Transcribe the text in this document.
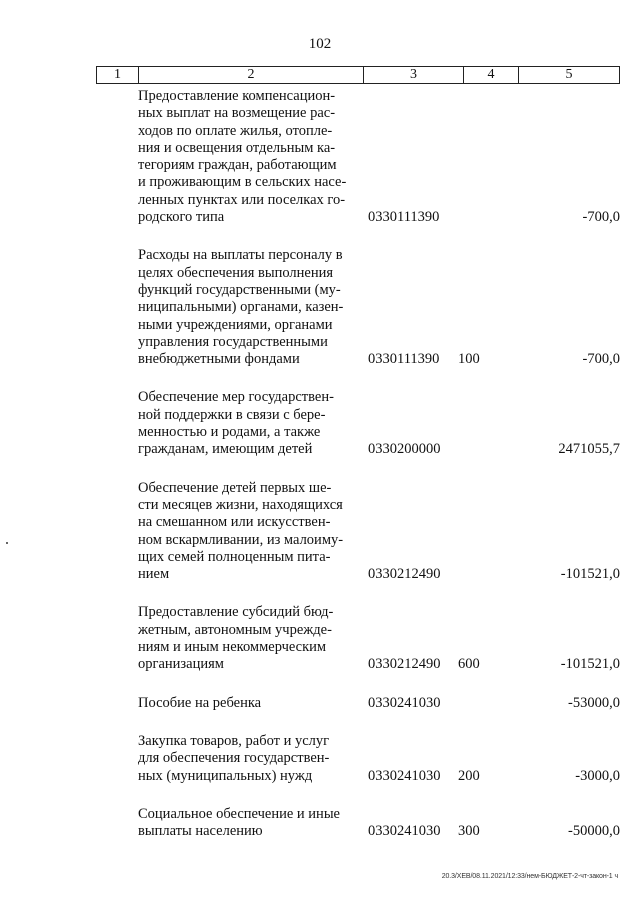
102
1	2	3	4	5
Предоставление компенсацион-
ных выплат на возмещение рас-
ходов по оплате жилья, отопле-
ния и освещения отдельным ка-
тегориям граждан, работающим
и проживающим в сельских насе-
ленных пунктах или поселках го-
родского типа	0330111390	-700,0
Расходы на выплаты персоналу в
целях обеспечения выполнения
функций государственными (му-
ниципальными) органами, казен-
ными учреждениями, органами
управления государственными
внебюджетными фондами	0330111390	100	-700,0
Обеспечение мер государствен-
ной поддержки в связи с бере-
менностью и родами, а также
гражданам, имеющим детей	0330200000	2471055,7
Обеспечение детей первых ше-
сти месяцев жизни, находящихся
на смешанном или искусствен-
ном вскармливании, из малоиму-
щих семей полноценным пита-
нием	0330212490	-101521,0
Предоставление субсидий бюд-
жетным, автономным учрежде-
ниям и иным некоммерческим
организациям	0330212490	600	-101521,0
Пособие на ребенка	0330241030	-53000,0
Закупка товаров, работ и услуг
для обеспечения государствен-
ных (муниципальных) нужд	0330241030	200	-3000,0
Социальное обеспечение и иные
выплаты населению	0330241030	300	-50000,0
20.3/ХЕВ/08.11.2021/12:33/нем-БЮДЖЕТ-2-чт-закон-1 ч
